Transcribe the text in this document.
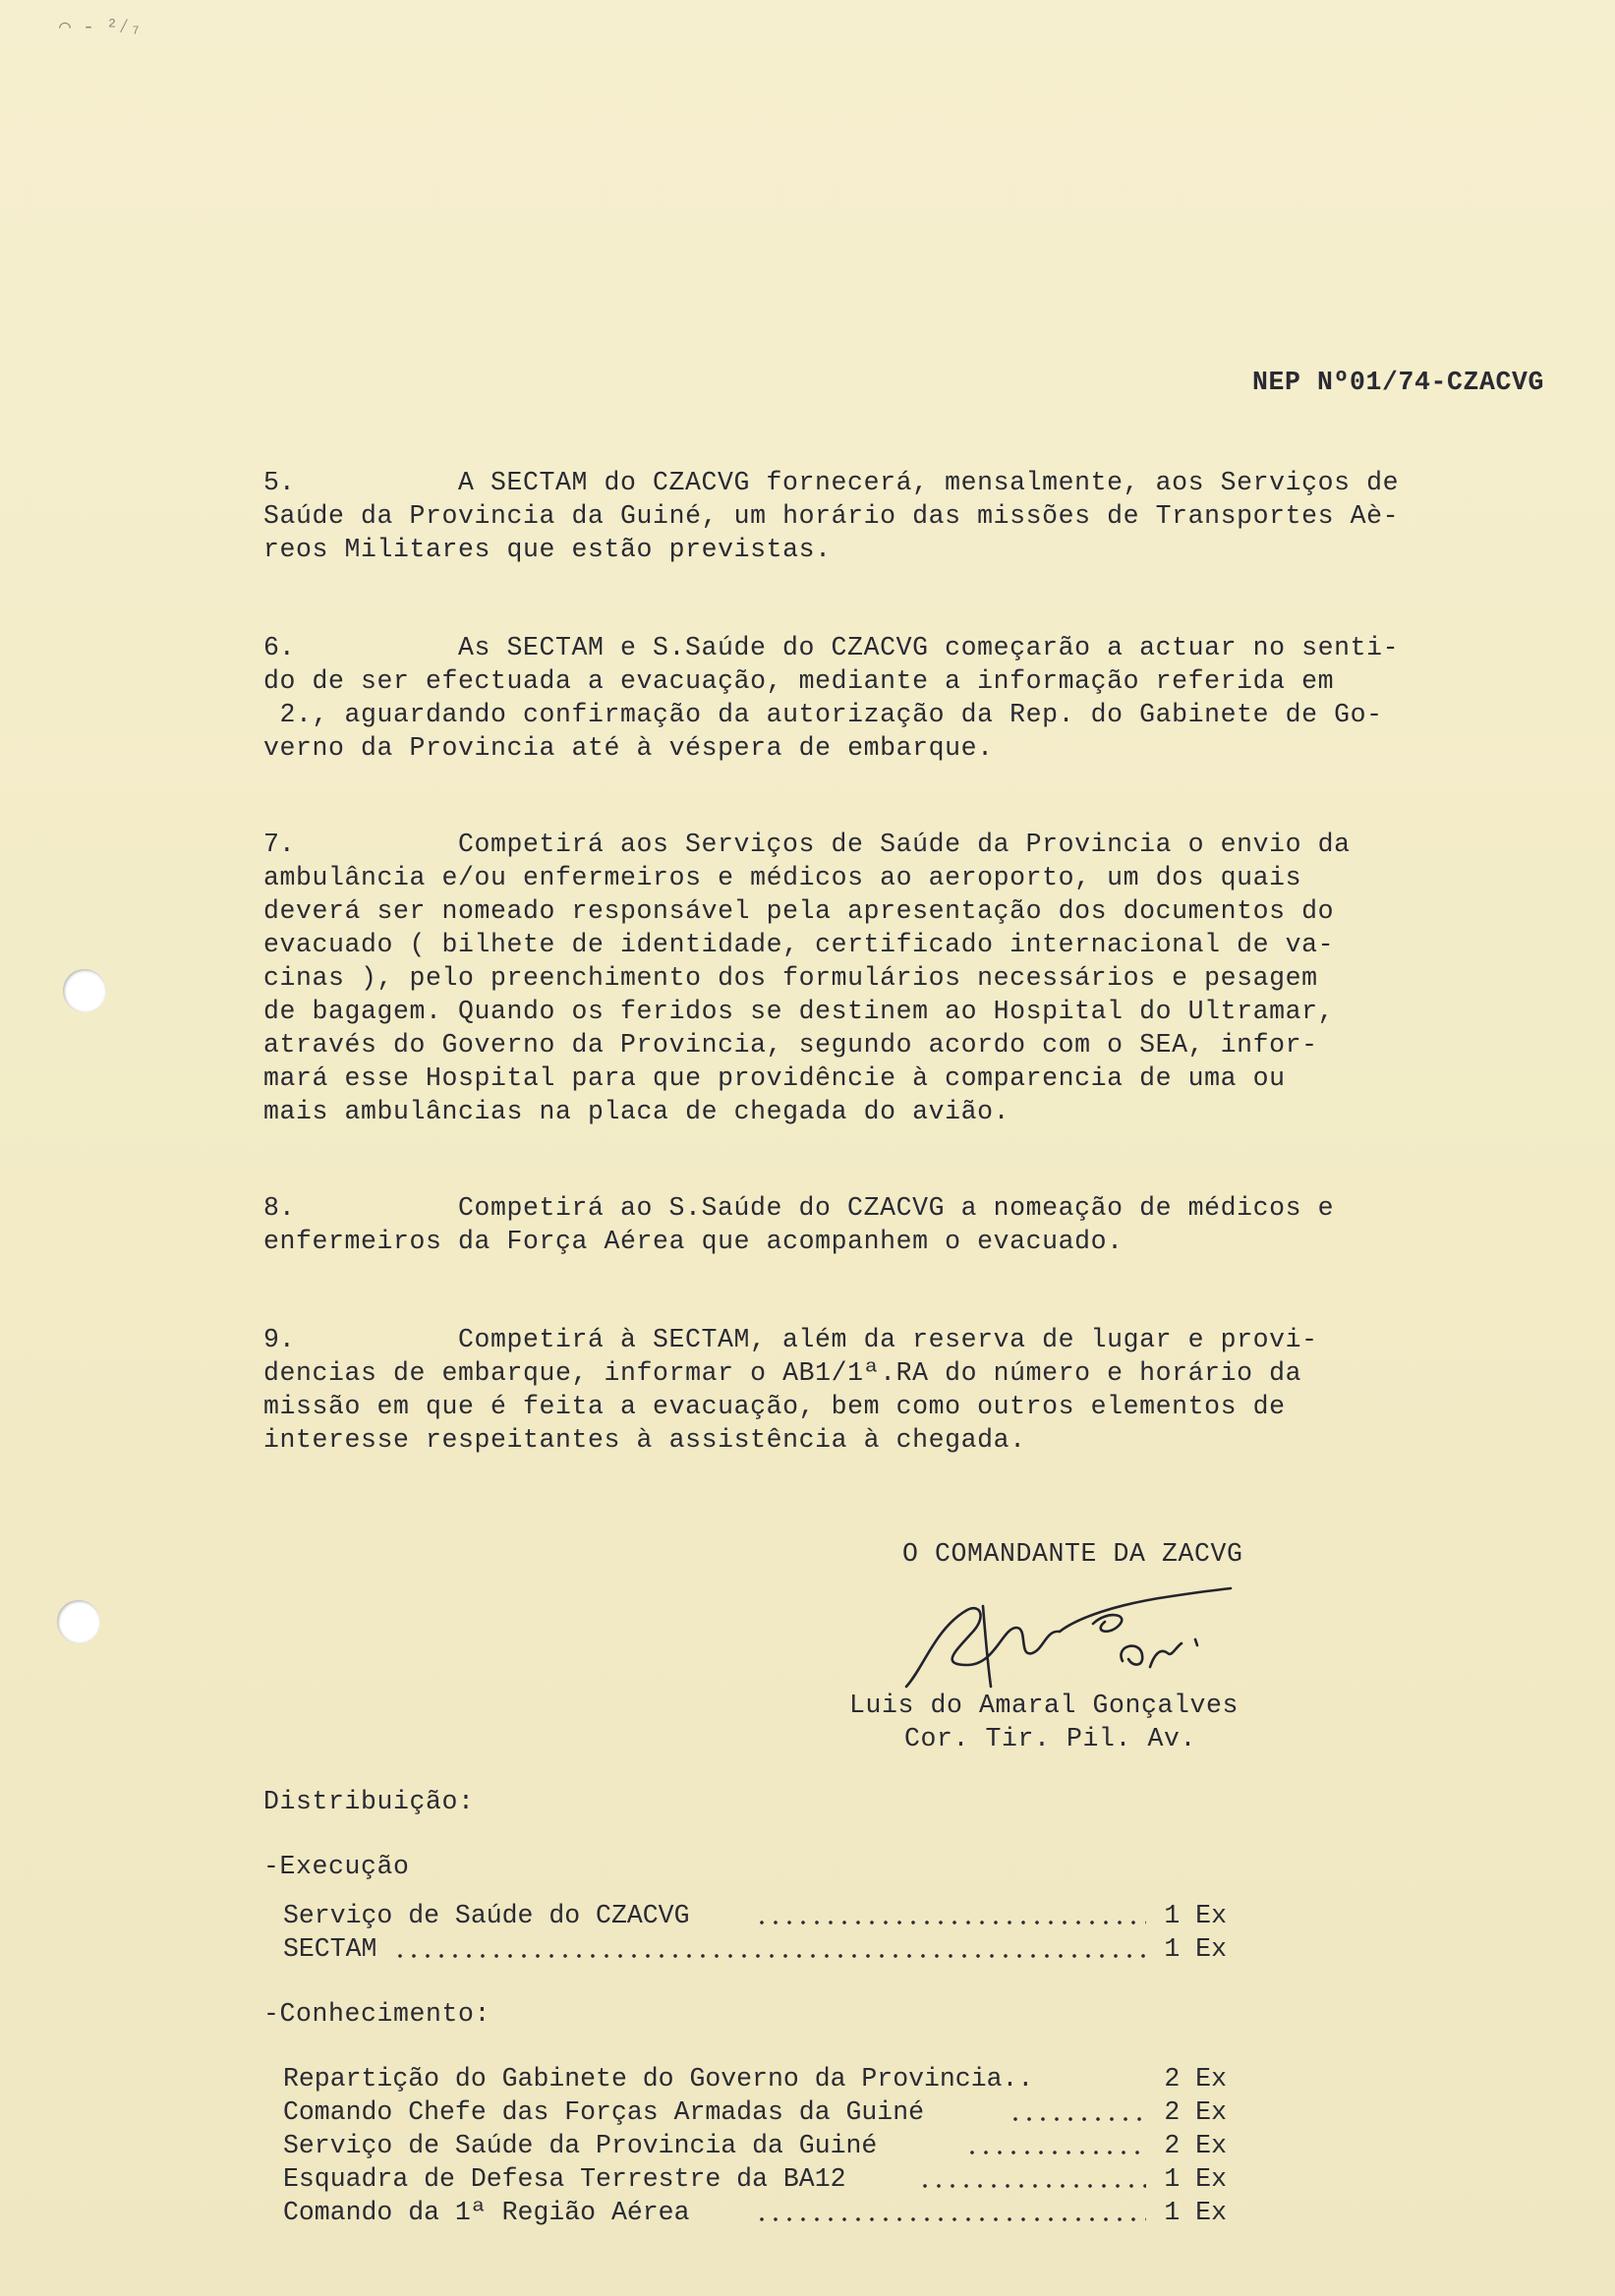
⌒ - ²⁄₇
NEP Nº01/74-CZACVG
5.	A SECTAM do CZACVG fornecerá, mensalmente, aos Serviços de
Saúde da Provincia da Guiné, um horário das missões de Transportes Aè-
reos Militares que estão previstas.
6.	As SECTAM e S.Saúde do CZACVG começarão a actuar no senti-
do de ser efectuada a evacuação, mediante a informação referida em
2., aguardando confirmação da autorização da Rep. do Gabinete de Go-
verno da Provincia até à véspera de embarque.
7.	Competirá aos Serviços de Saúde da Provincia o envio da
ambulância e/ou enfermeiros e médicos ao aeroporto, um dos quais
deverá ser nomeado responsável pela apresentação dos documentos do
evacuado ( bilhete de identidade, certificado internacional de va-
cinas ), pelo preenchimento dos formulários necessários e pesagem
de bagagem. Quando os feridos se destinem ao Hospital do Ultramar,
através do Governo da Provincia, segundo acordo com o SEA, infor-
mará esse Hospital para que providêncie à comparencia de uma ou
mais ambulâncias na placa de chegada do avião.
8.	Competirá ao S.Saúde do CZACVG a nomeação de médicos e
enfermeiros da Força Aérea que acompanhem o evacuado.
9.	Competirá à SECTAM, além da reserva de lugar e provi-
dencias de embarque, informar o AB1/1ª.RA do número e horário da
missão em que é feita a evacuação, bem como outros elementos de
interesse respeitantes à assistência à chegada.
O COMANDANTE DA ZACVG
Luis do Amaral Gonçalves
Cor. Tir. Pil. Av.
Distribuição:
-Execução
Serviço de Saúde do CZACVG	1 Ex
SECTAM	1 Ex
-Conhecimento:
Repartição do Gabinete do Governo da Provincia..	2 Ex
Comando Chefe das Forças Armadas da Guiné	2 Ex
Serviço de Saúde da Provincia da Guiné	2 Ex
Esquadra de Defesa Terrestre da BA12	1 Ex
Comando da 1ª Região Aérea	1 Ex
